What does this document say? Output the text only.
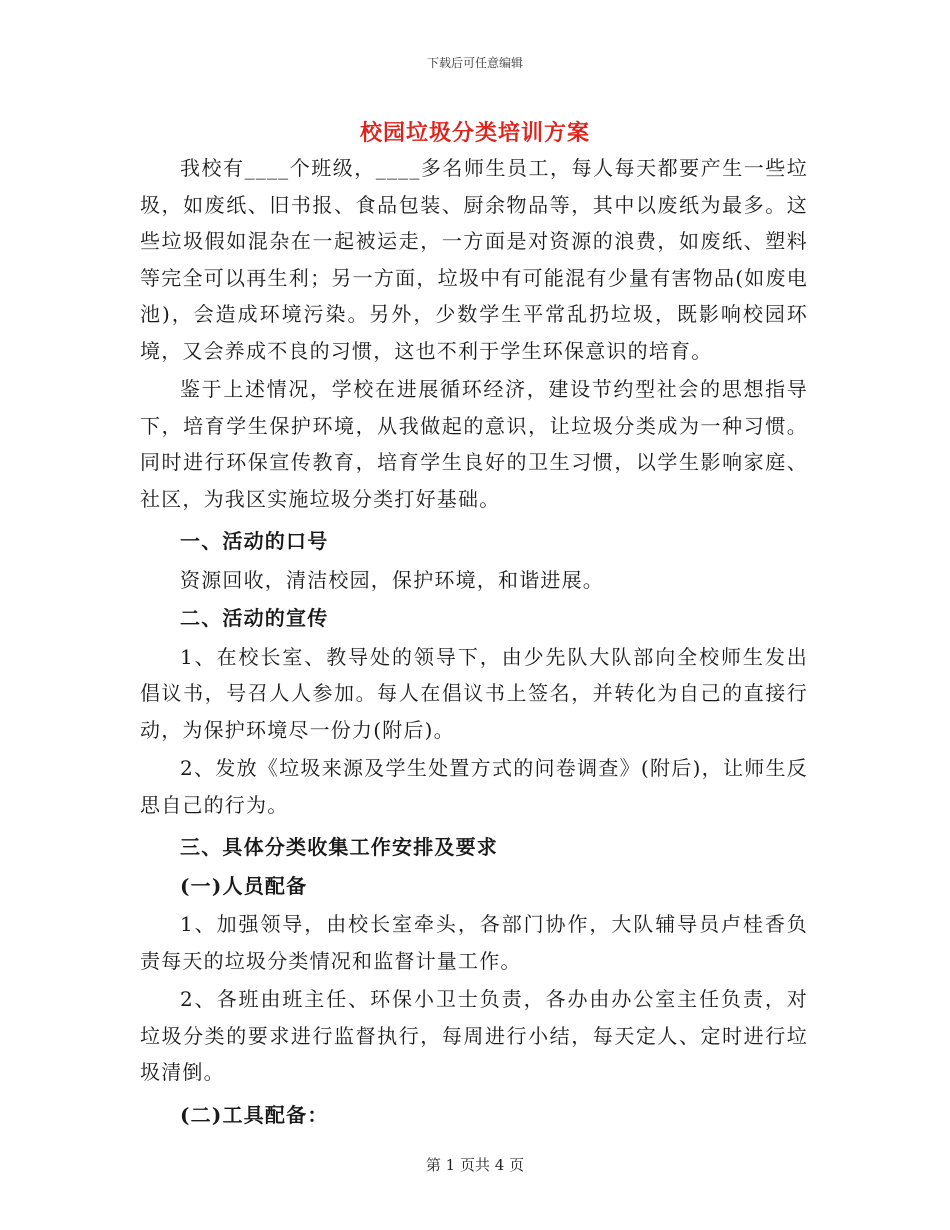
下载后可任意编辑
校园垃圾分类培训方案

我校有____个班级，____多名师生员工，每人每天都要产生一些垃圾，如废纸、旧书报、食品包装、厨余物品等，其中以废纸为最多。这些垃圾假如混杂在一起被运走，一方面是对资源的浪费，如废纸、塑料等完全可以再生利；另一方面，垃圾中有可能混有少量有害物品(如废电池)，会造成环境污染。另外，少数学生平常乱扔垃圾，既影响校园环境，又会养成不良的习惯，这也不利于学生环保意识的培育。

鉴于上述情况，学校在进展循环经济，建设节约型社会的思想指导下，培育学生保护环境，从我做起的意识，让垃圾分类成为一种习惯。同时进行环保宣传教育，培育学生良好的卫生习惯，以学生影响家庭、社区，为我区实施垃圾分类打好基础。

一、活动的口号

资源回收，清洁校园，保护环境，和谐进展。

二、活动的宣传

1、在校长室、教导处的领导下，由少先队大队部向全校师生发出倡议书，号召人人参加。每人在倡议书上签名，并转化为自己的直接行动，为保护环境尽一份力(附后)。

2、发放《垃圾来源及学生处置方式的问卷调查》(附后)，让师生反思自己的行为。

三、具体分类收集工作安排及要求

(一)人员配备

1、加强领导，由校长室牵头，各部门协作，大队辅导员卢桂香负责每天的垃圾分类情况和监督计量工作。

2、各班由班主任、环保小卫士负责，各办由办公室主任负责，对垃圾分类的要求进行监督执行，每周进行小结，每天定人、定时进行垃圾清倒。

(二)工具配备：

第 1 页共 4 页
